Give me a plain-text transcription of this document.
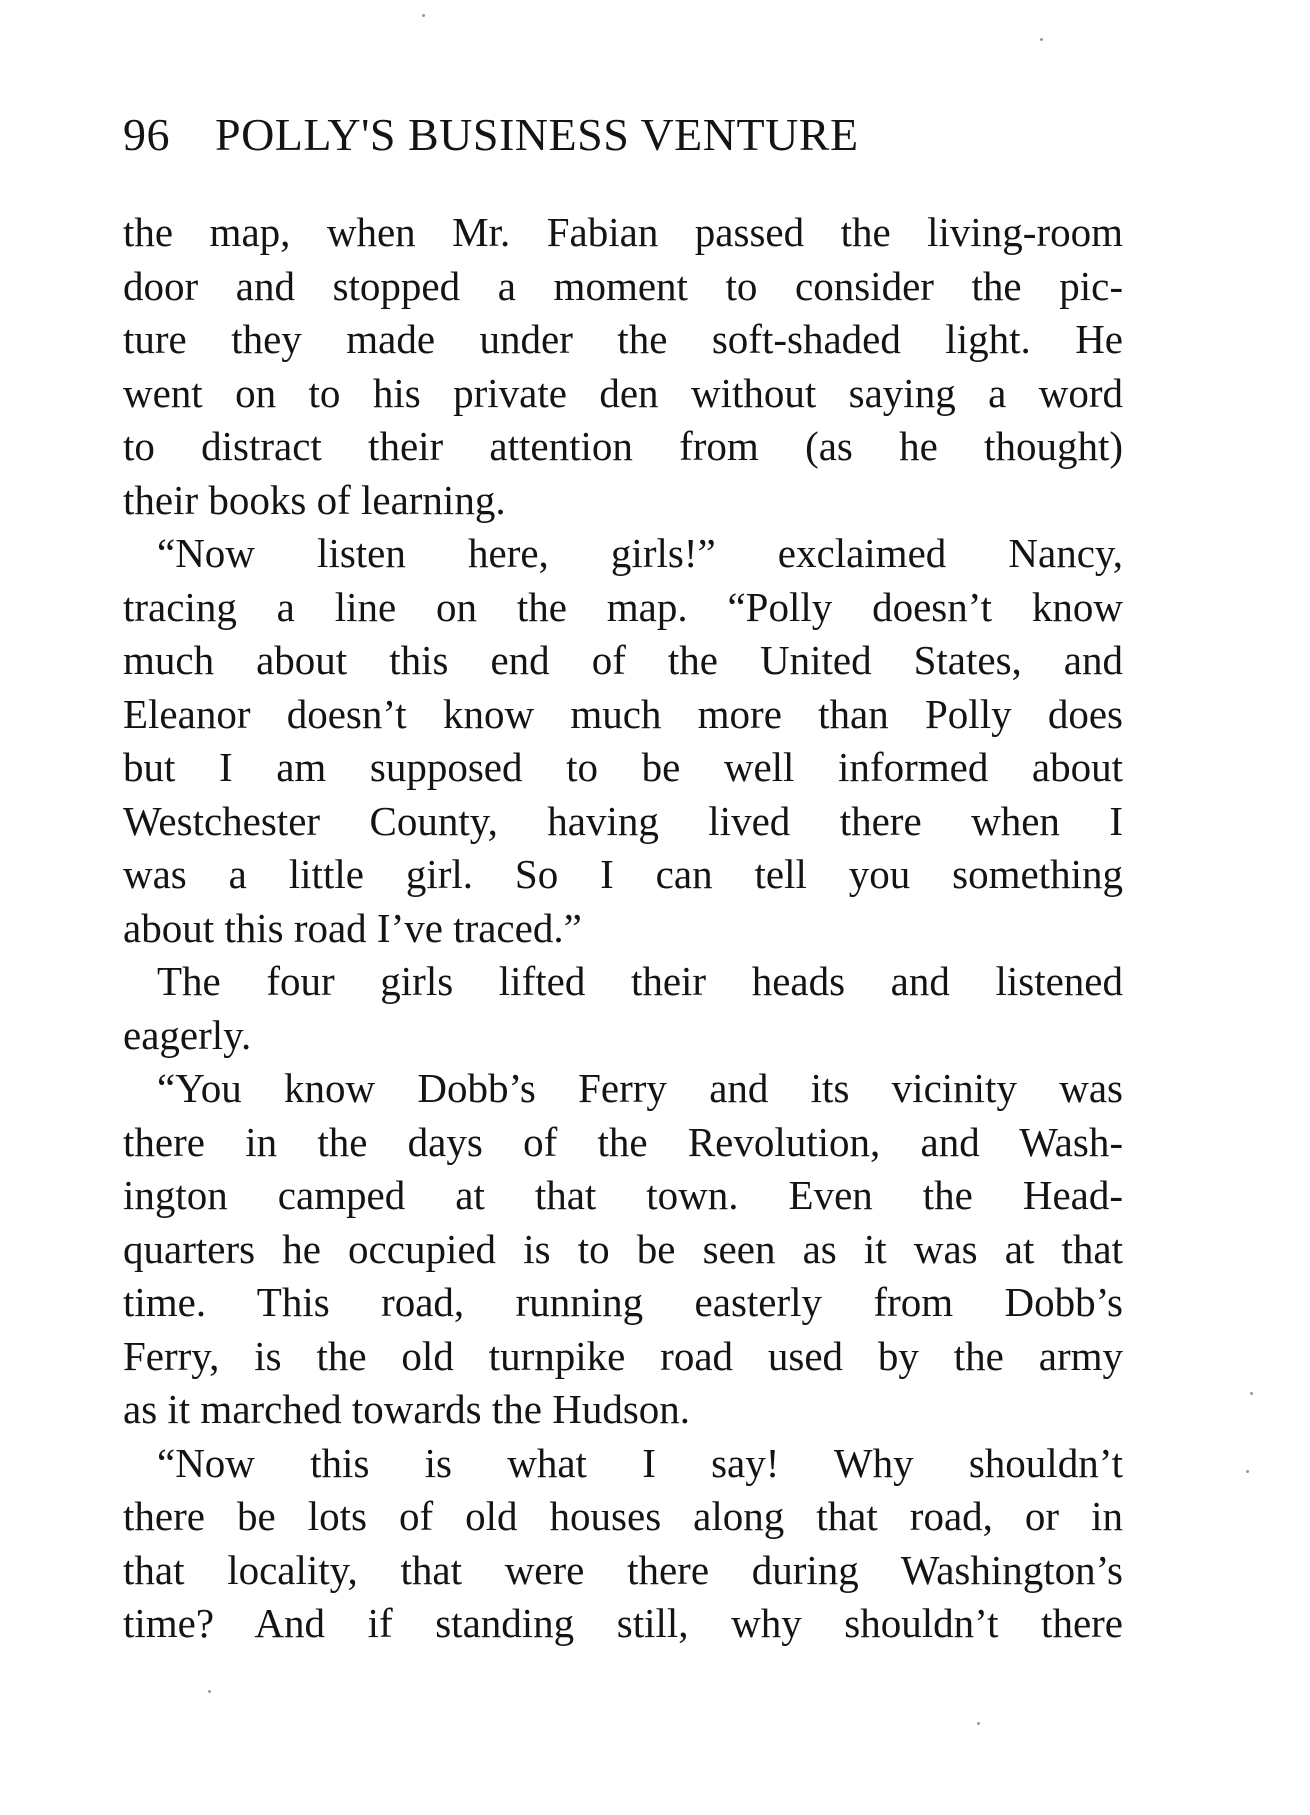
96 POLLY'S BUSINESS VENTURE
the map, when Mr. Fabian passed the living-room
door and stopped a moment to consider the pic-
ture they made under the soft-shaded light. He
went on to his private den without saying a word
to distract their attention from (as he thought)
their books of learning.
“Now listen here, girls!” exclaimed Nancy,
tracing a line on the map. “Polly doesn’t know
much about this end of the United States, and
Eleanor doesn’t know much more than Polly does
but I am supposed to be well informed about
Westchester County, having lived there when I
was a little girl. So I can tell you something
about this road I’ve traced.”
The four girls lifted their heads and listened
eagerly.
“You know Dobb’s Ferry and its vicinity was
there in the days of the Revolution, and Wash-
ington camped at that town. Even the Head-
quarters he occupied is to be seen as it was at that
time. This road, running easterly from Dobb’s
Ferry, is the old turnpike road used by the army
as it marched towards the Hudson.
“Now this is what I say! Why shouldn’t
there be lots of old houses along that road, or in
that locality, that were there during Washington’s
time? And if standing still, why shouldn’t there
